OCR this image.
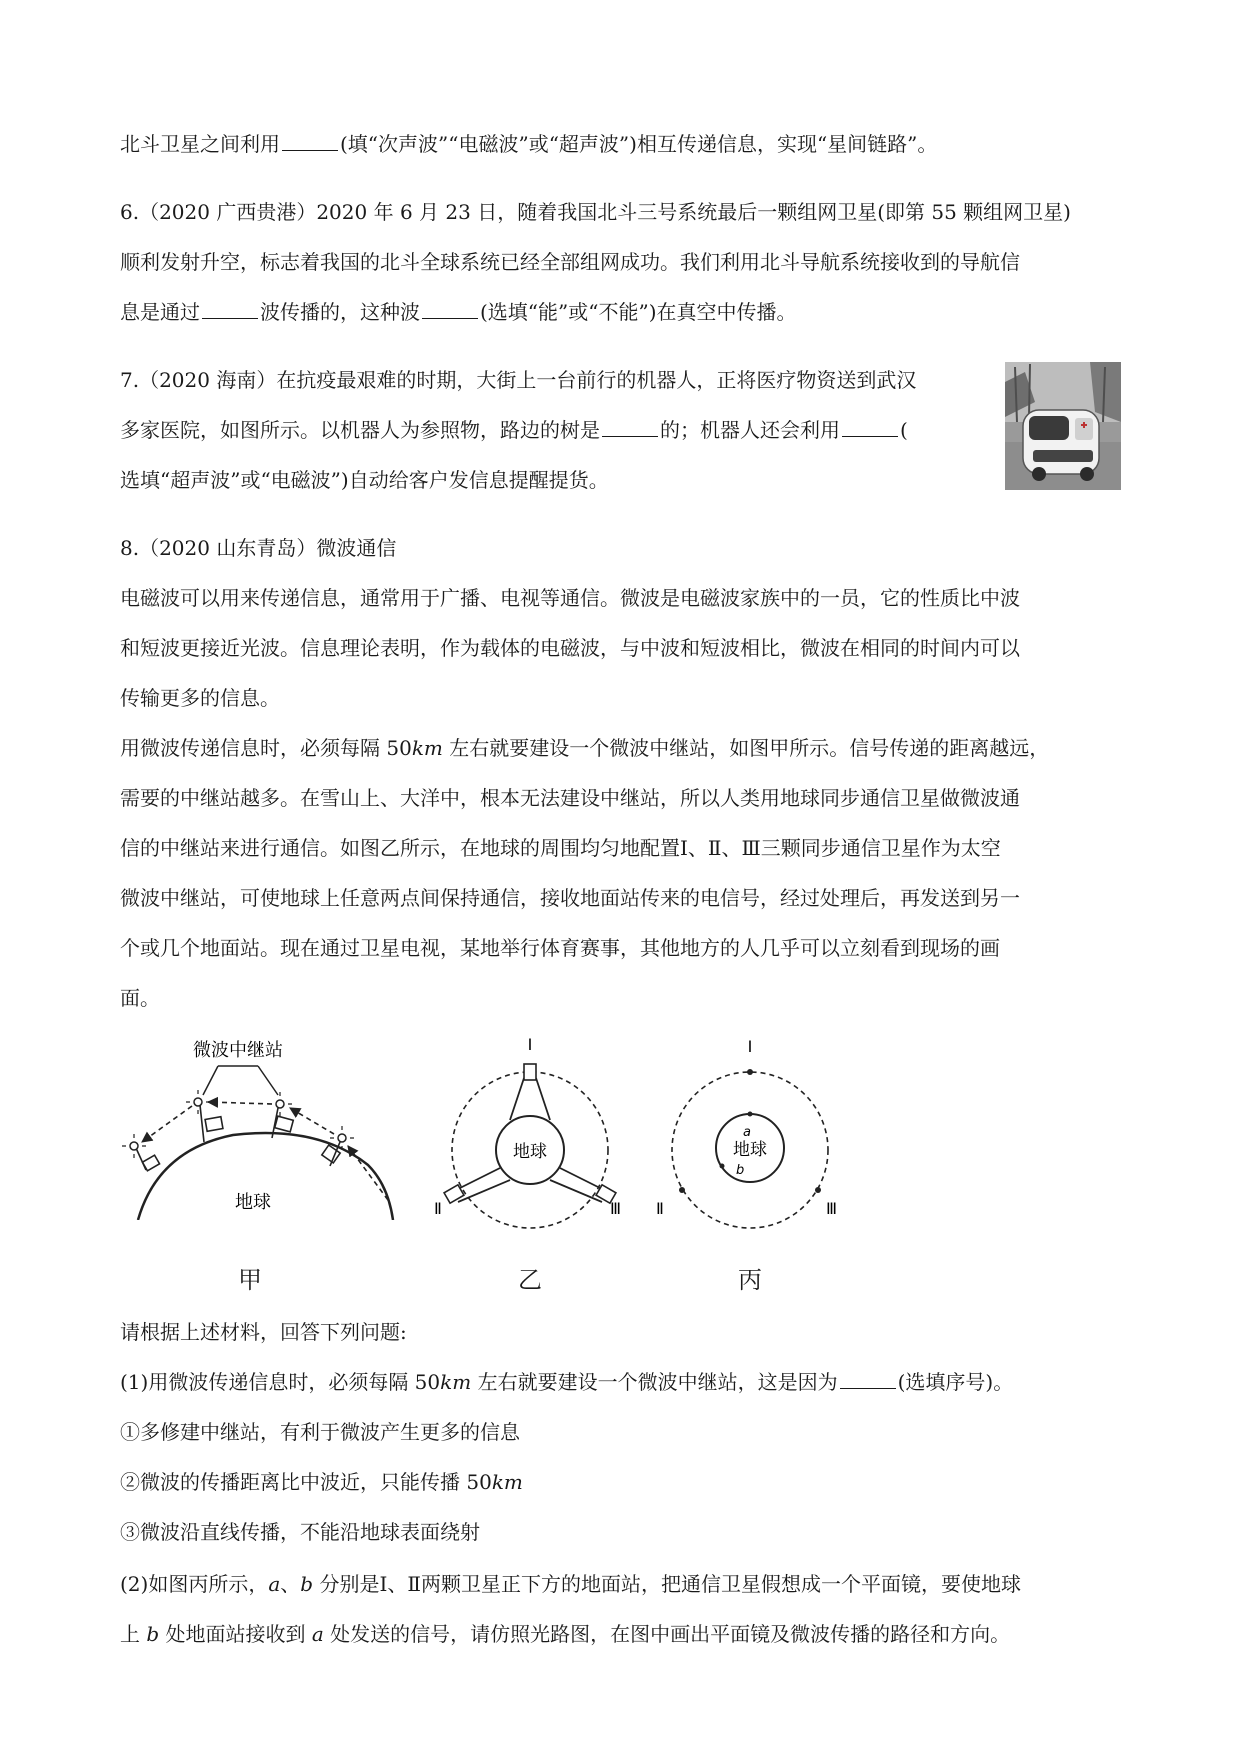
北斗卫星之间利用	(填“次声波”“电磁波”或“超声波”)相互传递信息，实现“星间链路”。
6.（2020 广西贵港）2020 年 6 月 23 日，随着我国北斗三号系统最后一颗组网卫星(即第 55 颗组网卫星)
顺利发射升空，标志着我国的北斗全球系统已经全部组网成功。我们利用北斗导航系统接收到的导航信
息是通过	波传播的，这种波	(选填“能”或“不能”)在真空中传播。
7.（2020 海南）在抗疫最艰难的时期，大街上一台前行的机器人，正将医疗物资送到武汉
多家医院，如图所示。以机器人为参照物，路边的树是	的；机器人还会利用	(
选填“超声波”或“电磁波”)自动给客户发信息提醒提货。
8.（2020 山东青岛）微波通信
电磁波可以用来传递信息，通常用于广播、电视等通信。微波是电磁波家族中的一员，它的性质比中波
和短波更接近光波。信息理论表明，作为载体的电磁波，与中波和短波相比，微波在相同的时间内可以
传输更多的信息。
用微波传递信息时，必须每隔 50km 左右就要建设一个微波中继站，如图甲所示。信号传递的距离越远，
需要的中继站越多。在雪山上、大洋中，根本无法建设中继站，所以人类用地球同步通信卫星做微波通
信的中继站来进行通信。如图乙所示，在地球的周围均匀地配置Ⅰ、Ⅱ、Ⅲ三颗同步通信卫星作为太空
微波中继站，可使地球上任意两点间保持通信，接收地面站传来的电信号，经过处理后，再发送到另一
个或几个地面站。现在通过卫星电视，某地举行体育赛事，其他地方的人几乎可以立刻看到现场的画
面。
地球
微波中继站
甲
地球
Ⅰ
Ⅱ	Ⅲ
乙
地球
a
b
Ⅰ
Ⅱ	Ⅲ
丙
请根据上述材料，回答下列问题:
(1)用微波传递信息时，必须每隔 50km 左右就要建设一个微波中继站，这是因为	(选填序号)。
①多修建中继站，有利于微波产生更多的信息
②微波的传播距离比中波近，只能传播 50km
③微波沿直线传播，不能沿地球表面绕射
(2)如图丙所示，a、b 分别是Ⅰ、Ⅱ两颗卫星正下方的地面站，把通信卫星假想成一个平面镜，要使地球
上 b 处地面站接收到 a 处发送的信号，请仿照光路图，在图中画出平面镜及微波传播的路径和方向。
